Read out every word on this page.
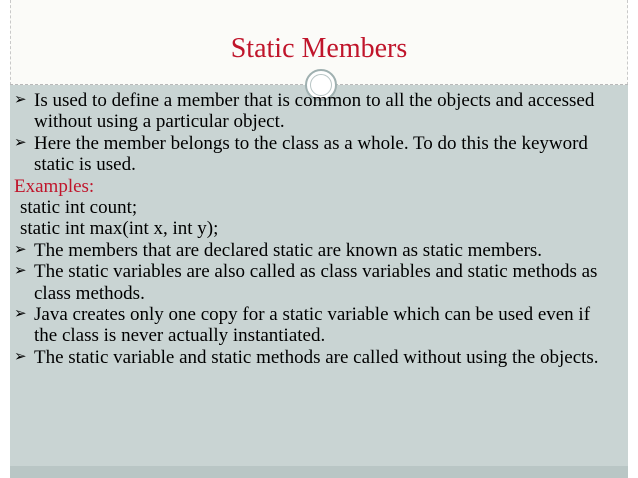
Static Members
➢ Is used to define a member that is common to all the objects and accessed without using a particular object.
➢ Here the member belongs to the class as a whole. To do this the keyword static is used.
Examples:
static int count;
static int max(int x, int y);
➢ The members that are declared static are known as static members.
➢ The static variables are also called as class variables and static methods as class methods.
➢ Java creates only one copy for a static variable which can be used even if the class is never actually instantiated.
➢ The static variable and static methods are called without using the objects.
